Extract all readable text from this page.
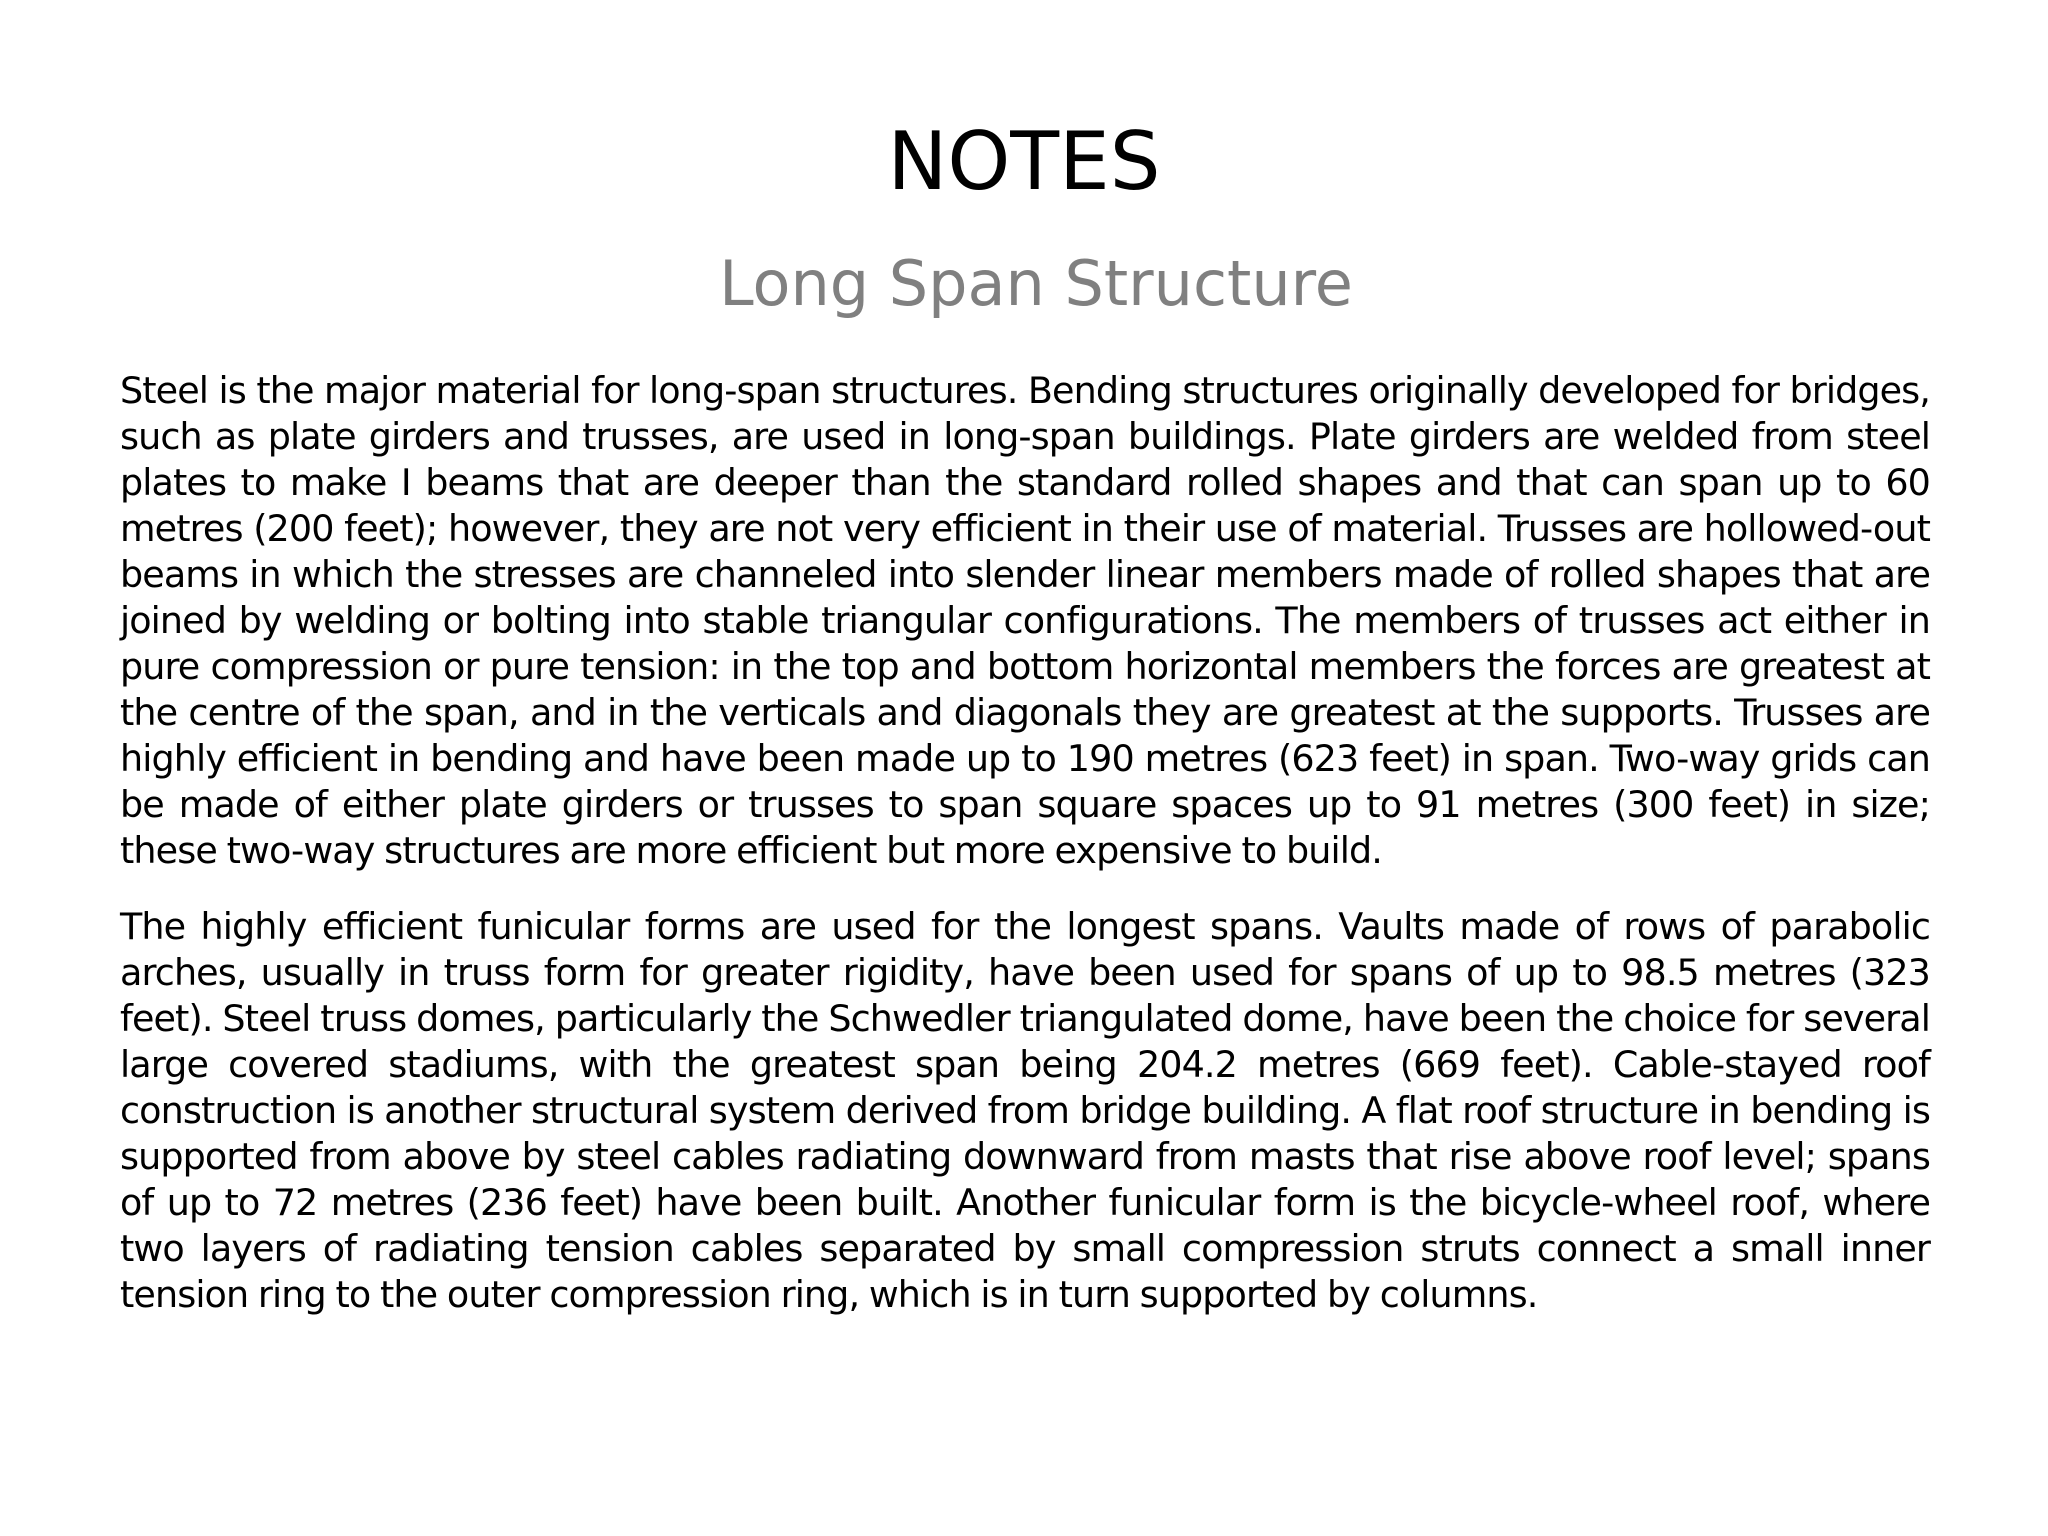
NOTES
Long Span Structure

Steel is the major material for long-span structures. Bending structures originally developed for bridges, such as plate girders and trusses, are used in long-span buildings. Plate girders are welded from steel plates to make I beams that are deeper than the standard rolled shapes and that can span up to 60 metres (200 feet); however, they are not very efficient in their use of material. Trusses are hollowed-out beams in which the stresses are channeled into slender linear members made of rolled shapes that are joined by welding or bolting into stable triangular configurations. The members of trusses act either in pure compression or pure tension: in the top and bottom horizontal members the forces are greatest at the centre of the span, and in the verticals and diagonals they are greatest at the supports. Trusses are highly efficient in bending and have been made up to 190 metres (623 feet) in span. Two-way grids can be made of either plate girders or trusses to span square spaces up to 91 metres (300 feet) in size; these two-way structures are more efficient but more expensive to build.

The highly efficient funicular forms are used for the longest spans. Vaults made of rows of parabolic arches, usually in truss form for greater rigidity, have been used for spans of up to 98.5 metres (323 feet). Steel truss domes, particularly the Schwedler triangulated dome, have been the choice for several large covered stadiums, with the greatest span being 204.2 metres (669 feet). Cable-stayed roof construction is another structural system derived from bridge building. A flat roof structure in bending is supported from above by steel cables radiating downward from masts that rise above roof level; spans of up to 72 metres (236 feet) have been built. Another funicular form is the bicycle-wheel roof, where two layers of radiating tension cables separated by small compression struts connect a small inner tension ring to the outer compression ring, which is in turn supported by columns.
